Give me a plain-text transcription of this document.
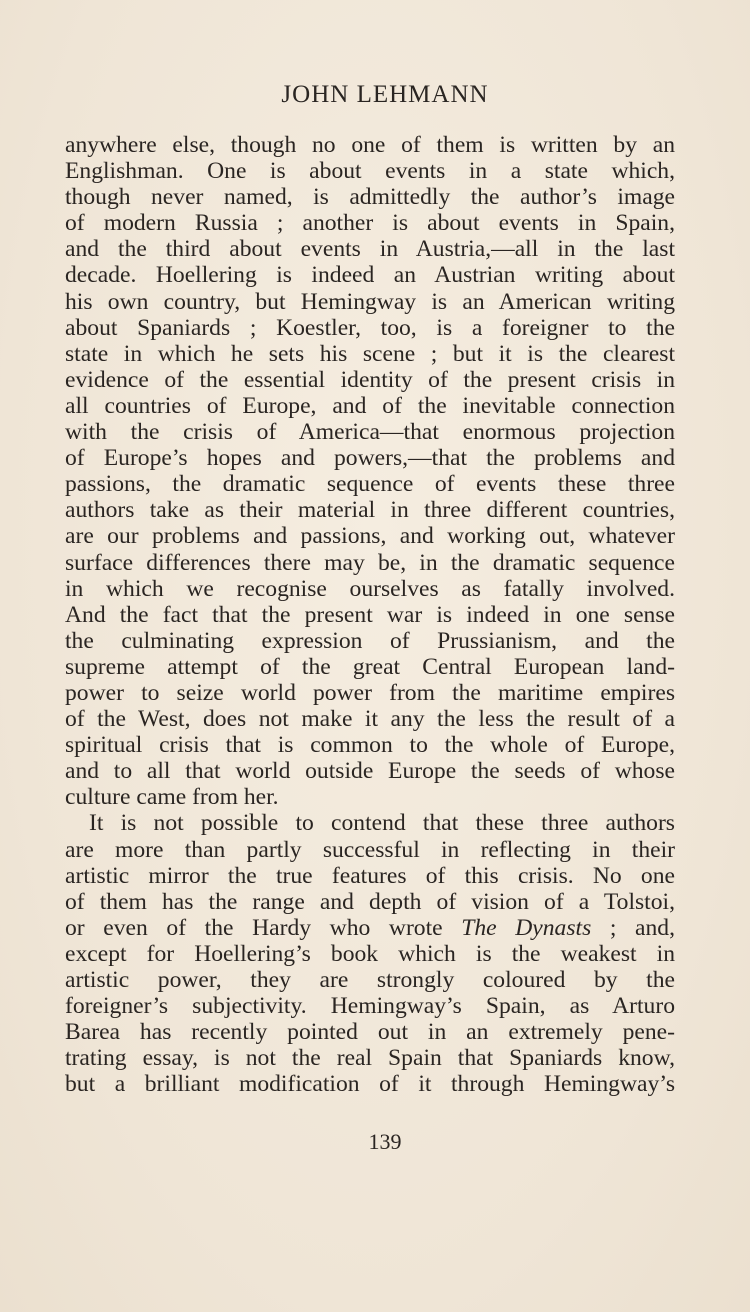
JOHN LEHMANN
anywhere else, though no one of them is written by an
Englishman. One is about events in a state which,
though never named, is admittedly the author’s image
of modern Russia ; another is about events in Spain,
and the third about events in Austria,—all in the last
decade. Hoellering is indeed an Austrian writing about
his own country, but Hemingway is an American writing
about Spaniards ; Koestler, too, is a foreigner to the
state in which he sets his scene ; but it is the clearest
evidence of the essential identity of the present crisis in
all countries of Europe, and of the inevitable connection
with the crisis of America—that enormous projection
of Europe’s hopes and powers,—that the problems and
passions, the dramatic sequence of events these three
authors take as their material in three different countries,
are our problems and passions, and working out, whatever
surface differences there may be, in the dramatic sequence
in which we recognise ourselves as fatally involved.
And the fact that the present war is indeed in one sense
the culminating expression of Prussianism, and the
supreme attempt of the great Central European land-
power to seize world power from the maritime empires
of the West, does not make it any the less the result of a
spiritual crisis that is common to the whole of Europe,
and to all that world outside Europe the seeds of whose
culture came from her.
It is not possible to contend that these three authors
are more than partly successful in reflecting in their
artistic mirror the true features of this crisis. No one
of them has the range and depth of vision of a Tolstoi,
or even of the Hardy who wrote The Dynasts ; and,
except for Hoellering’s book which is the weakest in
artistic power, they are strongly coloured by the
foreigner’s subjectivity. Hemingway’s Spain, as Arturo
Barea has recently pointed out in an extremely pene-
trating essay, is not the real Spain that Spaniards know,
but a brilliant modification of it through Hemingway’s
139
